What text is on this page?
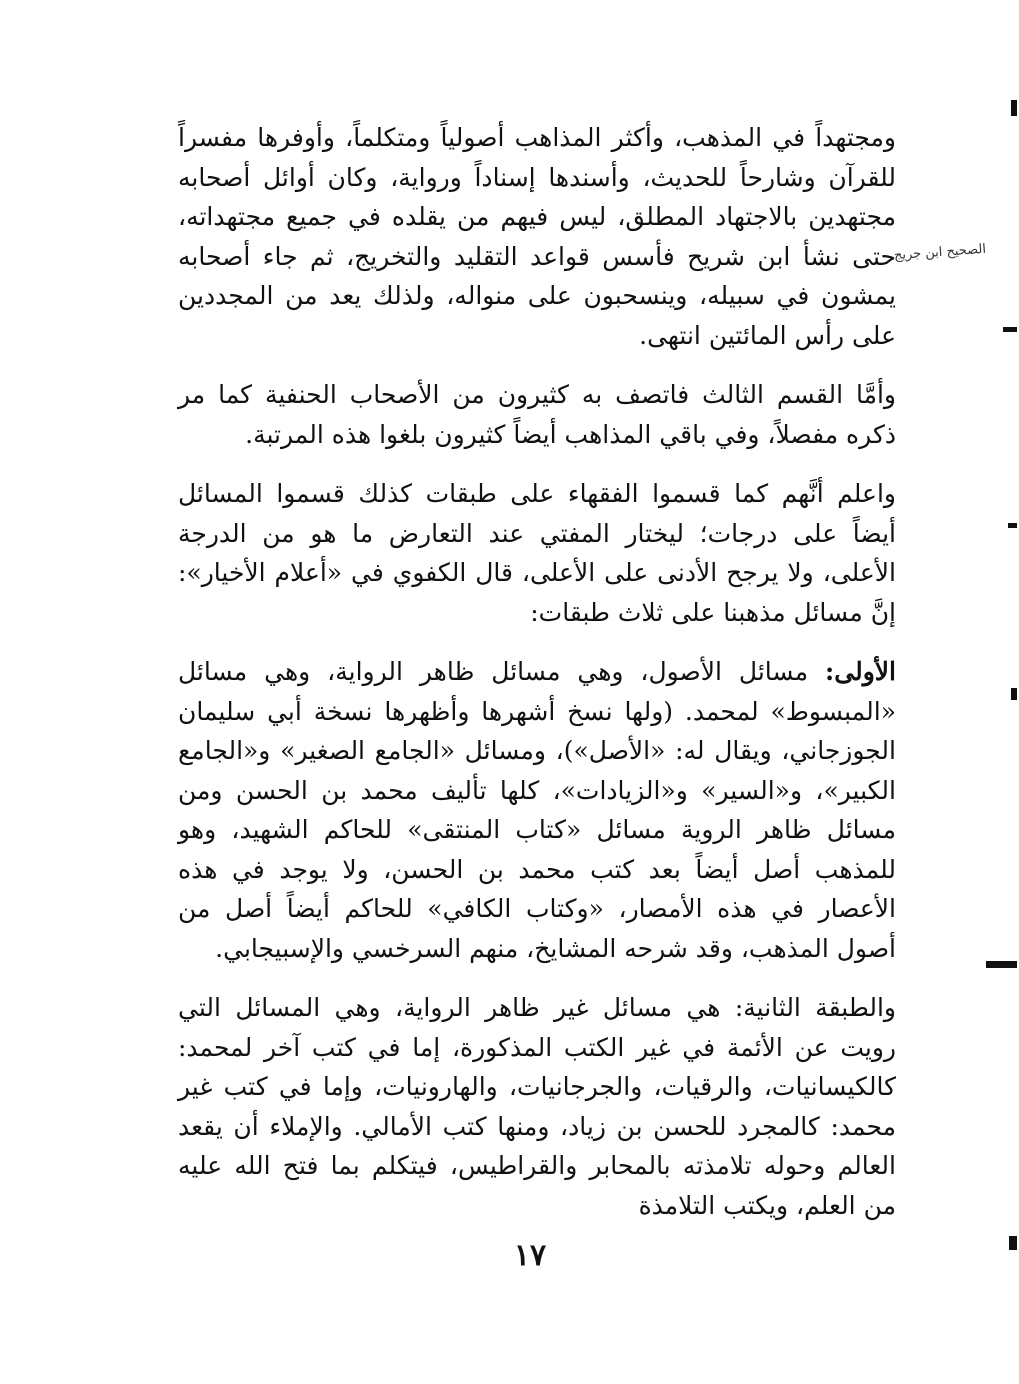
ومجتهداً في المذهب، وأكثر المذاهب أصولياً ومتكلماً، وأوفرها مفسراً للقرآن وشارحاً للحديث، وأسندها إسناداً ورواية، وكان أوائل أصحابه مجتهدين بالاجتهاد المطلق، ليس فيهم من يقلده في جميع مجتهداته، حتى نشأ ابن شريح فأسس قواعد التقليد والتخريج، ثم جاء أصحابه يمشون في سبيله، وينسحبون على منواله، ولذلك يعد من المجددين على رأس المائتين انتهى.

وأمَّا القسم الثالث فاتصف به كثيرون من الأصحاب الحنفية كما مر ذكره مفصلاً، وفي باقي المذاهب أيضاً كثيرون بلغوا هذه المرتبة.

واعلم أنَّهم كما قسموا الفقهاء على طبقات كذلك قسموا المسائل أيضاً على درجات؛ ليختار المفتي عند التعارض ما هو من الدرجة الأعلى، ولا يرجح الأدنى على الأعلى، قال الكفوي في «أعلام الأخيار»: إنَّ مسائل مذهبنا على ثلاث طبقات:

الأولى: مسائل الأصول، وهي مسائل ظاهر الرواية، وهي مسائل «المبسوط» لمحمد. (ولها نسخ أشهرها وأظهرها نسخة أبي سليمان الجوزجاني، ويقال له: «الأصل»)، ومسائل «الجامع الصغير» و«الجامع الكبير»، و«السير» و«الزيادات»، كلها تأليف محمد بن الحسن ومن مسائل ظاهر الروية مسائل «كتاب المنتقى» للحاكم الشهيد، وهو للمذهب أصل أيضاً بعد كتب محمد بن الحسن، ولا يوجد في هذه الأعصار في هذه الأمصار، «وكتاب الكافي» للحاكم أيضاً أصل من أصول المذهب، وقد شرحه المشايخ، منهم السرخسي والإسبيجابي.

والطبقة الثانية: هي مسائل غير ظاهر الرواية، وهي المسائل التي رويت عن الأئمة في غير الكتب المذكورة، إما في كتب آخر لمحمد: كالكيسانيات، والرقيات، والجرجانيات، والهارونيات، وإما في كتب غير محمد: كالمجرد للحسن بن زياد، ومنها كتب الأمالي. والإملاء أن يقعد العالم وحوله تلامذته بالمحابر والقراطيس، فيتكلم بما فتح الله عليه من العلم، ويكتب التلامذة

الصحيح ابن جريج
١٧
